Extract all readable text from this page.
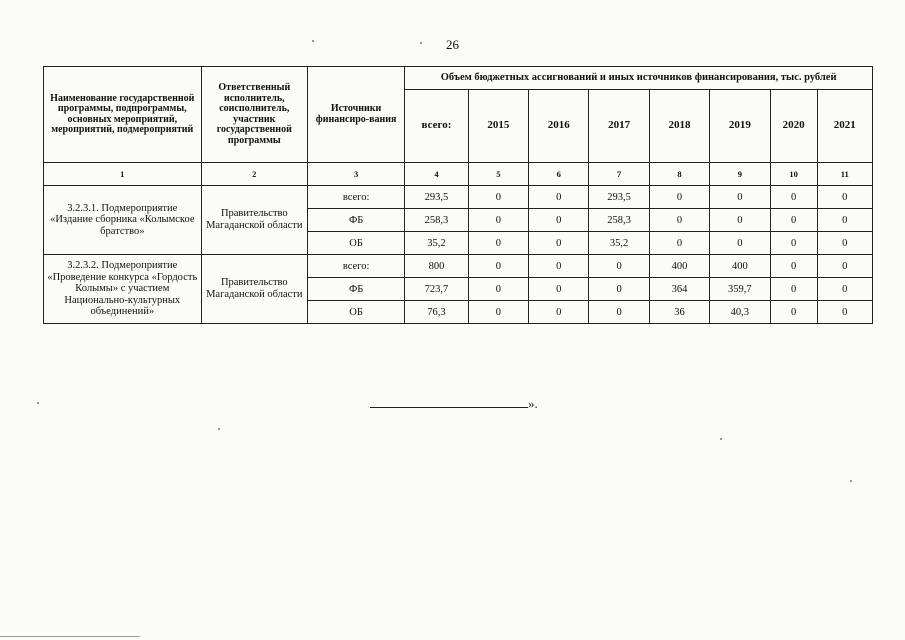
26
Наименование государственной программы, подпрограммы, основных мероприятий, мероприятий, подмероприятий	Ответственный исполнитель, соисполнитель, участник государственной программы	Источники финансиро-вания	Объем бюджетных ассигнований и иных источников финансирования, тыс. рублей							
			всего:	2015	2016	2017	2018	2019	2020	2021
1	2	3	4	5	6	7	8	9	10	11
3.2.3.1. Подмероприятие «Издание сборника «Колымское братство»	Правительство Магаданской области	всего:	293,5	0	0	293,5	0	0	0	0
		ФБ	258,3	0	0	258,3	0	0	0	0
		ОБ	35,2	0	0	35,2	0	0	0	0
3.2.3.2. Подмероприятие «Проведение конкурса «Гордость Колымы» с участием Национально-культурных объединений»	Правительство Магаданской области	всего:	800	0	0	0	400	400	0	0
		ФБ	723,7	0	0	0	364	359,7	0	0
		ОБ	76,3	0	0	0	36	40,3	0	0
».
